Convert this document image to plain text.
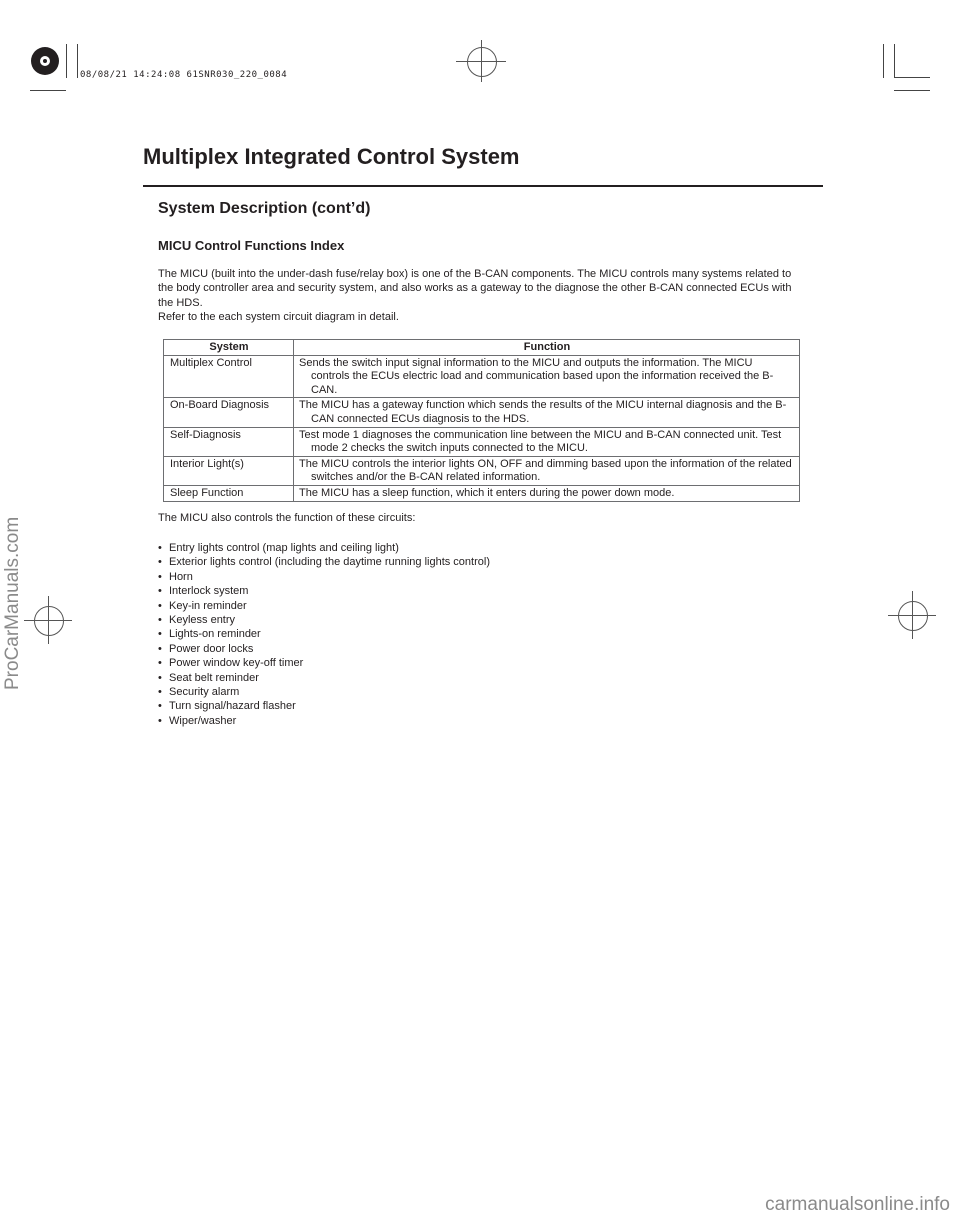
08/08/21 14:24:08 61SNR030_220_0084
ProCarManuals.com
carmanualsonline.info
Multiplex Integrated Control System
System Description (cont’d)
MICU Control Functions Index

The MICU (built into the under-dash fuse/relay box) is one of the B-CAN components. The MICU controls many systems related to the body controller area and security system, and also works as a gateway to the diagnose the other B-CAN connected ECUs with the HDS.

Refer to the each system circuit diagram in detail.

System	Function
Multiplex Control	Sends the switch input signal information to the MICU and outputs the information. The MICU controls the ECUs electric load and communication based upon the information received the B-CAN.

On-Board Diagnosis	The MICU has a gateway function which sends the results of the MICU internal diagnosis and the B-CAN connected ECUs diagnosis to the HDS.

Self-Diagnosis	Test mode 1 diagnoses the communication line between the MICU and B-CAN connected unit. Test mode 2 checks the switch inputs connected to the MICU.

Interior Light(s)	The MICU controls the interior lights ON, OFF and dimming based upon the information of the related switches and/or the B-CAN related information.

Sleep Function	The MICU has a sleep function, which it enters during the power down mode.

The MICU also controls the function of these circuits:

• Entry lights control (map lights and ceiling light)
• Exterior lights control (including the daytime running lights control)
• Horn
• Interlock system
• Key-in reminder
• Keyless entry
• Lights-on reminder
• Power door locks
• Power window key-off timer
• Seat belt reminder
• Security alarm
• Turn signal/hazard flasher
• Wiper/washer
